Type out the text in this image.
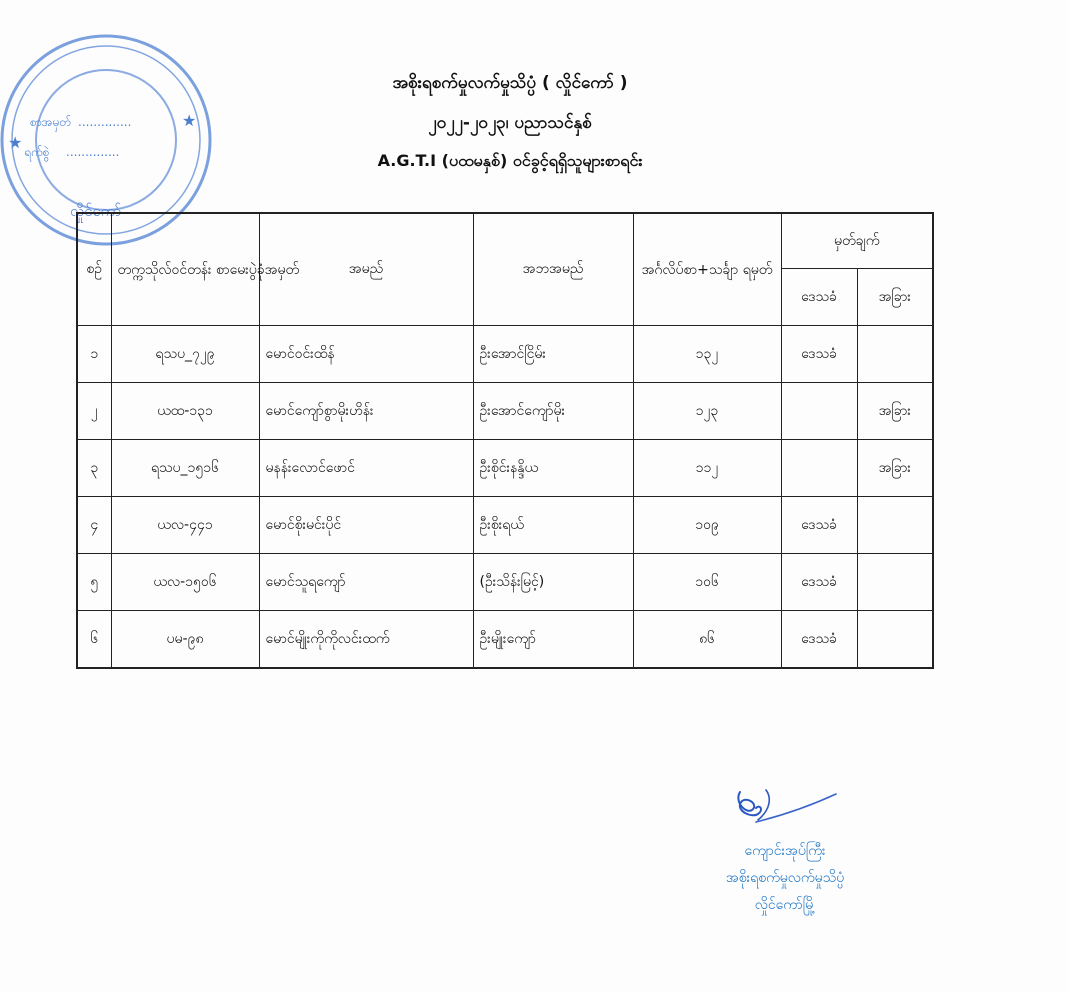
စာအမှတ် ..............
ရက်စွဲ ..............
★
★
လှိုင်ကော်
အစိုးရစက်မှုလက်မှုသိပ္ပံ ( လှိုင်ကော် )
၂၀၂၂-၂၀၂၃၊ ပညာသင်နှစ်
A.G.T.I (ပထမနှစ်) ဝင်ခွင့်ရရှိသူများစာရင်း
စဉ်	တက္ကသိုလ်ဝင်တန်း စာမေးပွဲခုံအမှတ်	အမည်	အဘအမည်	အင်္ဂလိပ်စာ+သင်္ချာ ရမှတ်	မှတ်ချက်	
					ဒေသခံ	အခြား
၁	ရသပ_၇၂၉	မောင်ဝင်းထိန်	ဦးအောင်ငြိမ်း	၁၃၂	ဒေသခံ	
၂	ယထ-၁၃၁	မောင်ကျော်စွာမိုးဟိန်း	ဦးအောင်ကျော်မိုး	၁၂၃		အခြား
၃	ရသပ_၁၅၁၆	မနန်းလောင်ဖောင်	ဦးစိုင်းနန္ဒိယ	၁၁၂		အခြား
၄	ယလ-၄၄၁	မောင်စိုးမင်းပိုင်	ဦးစိုးရယ်	၁၀၉	ဒေသခံ	
၅	ယလ-၁၅၀၆	မောင်သူရကျော်	(ဦးသိန်းမြင့်)	၁၀၆	ဒေသခံ	
၆	ပမ-၉၈	မောင်မျိုးကိုကိုလင်းထက်	ဦးမျိုးကျော်	၈၆	ဒေသခံ	
ကျောင်းအုပ်ကြီး
အစိုးရစက်မှုလက်မှုသိပ္ပံ
လှိုင်ကော်မြို့
